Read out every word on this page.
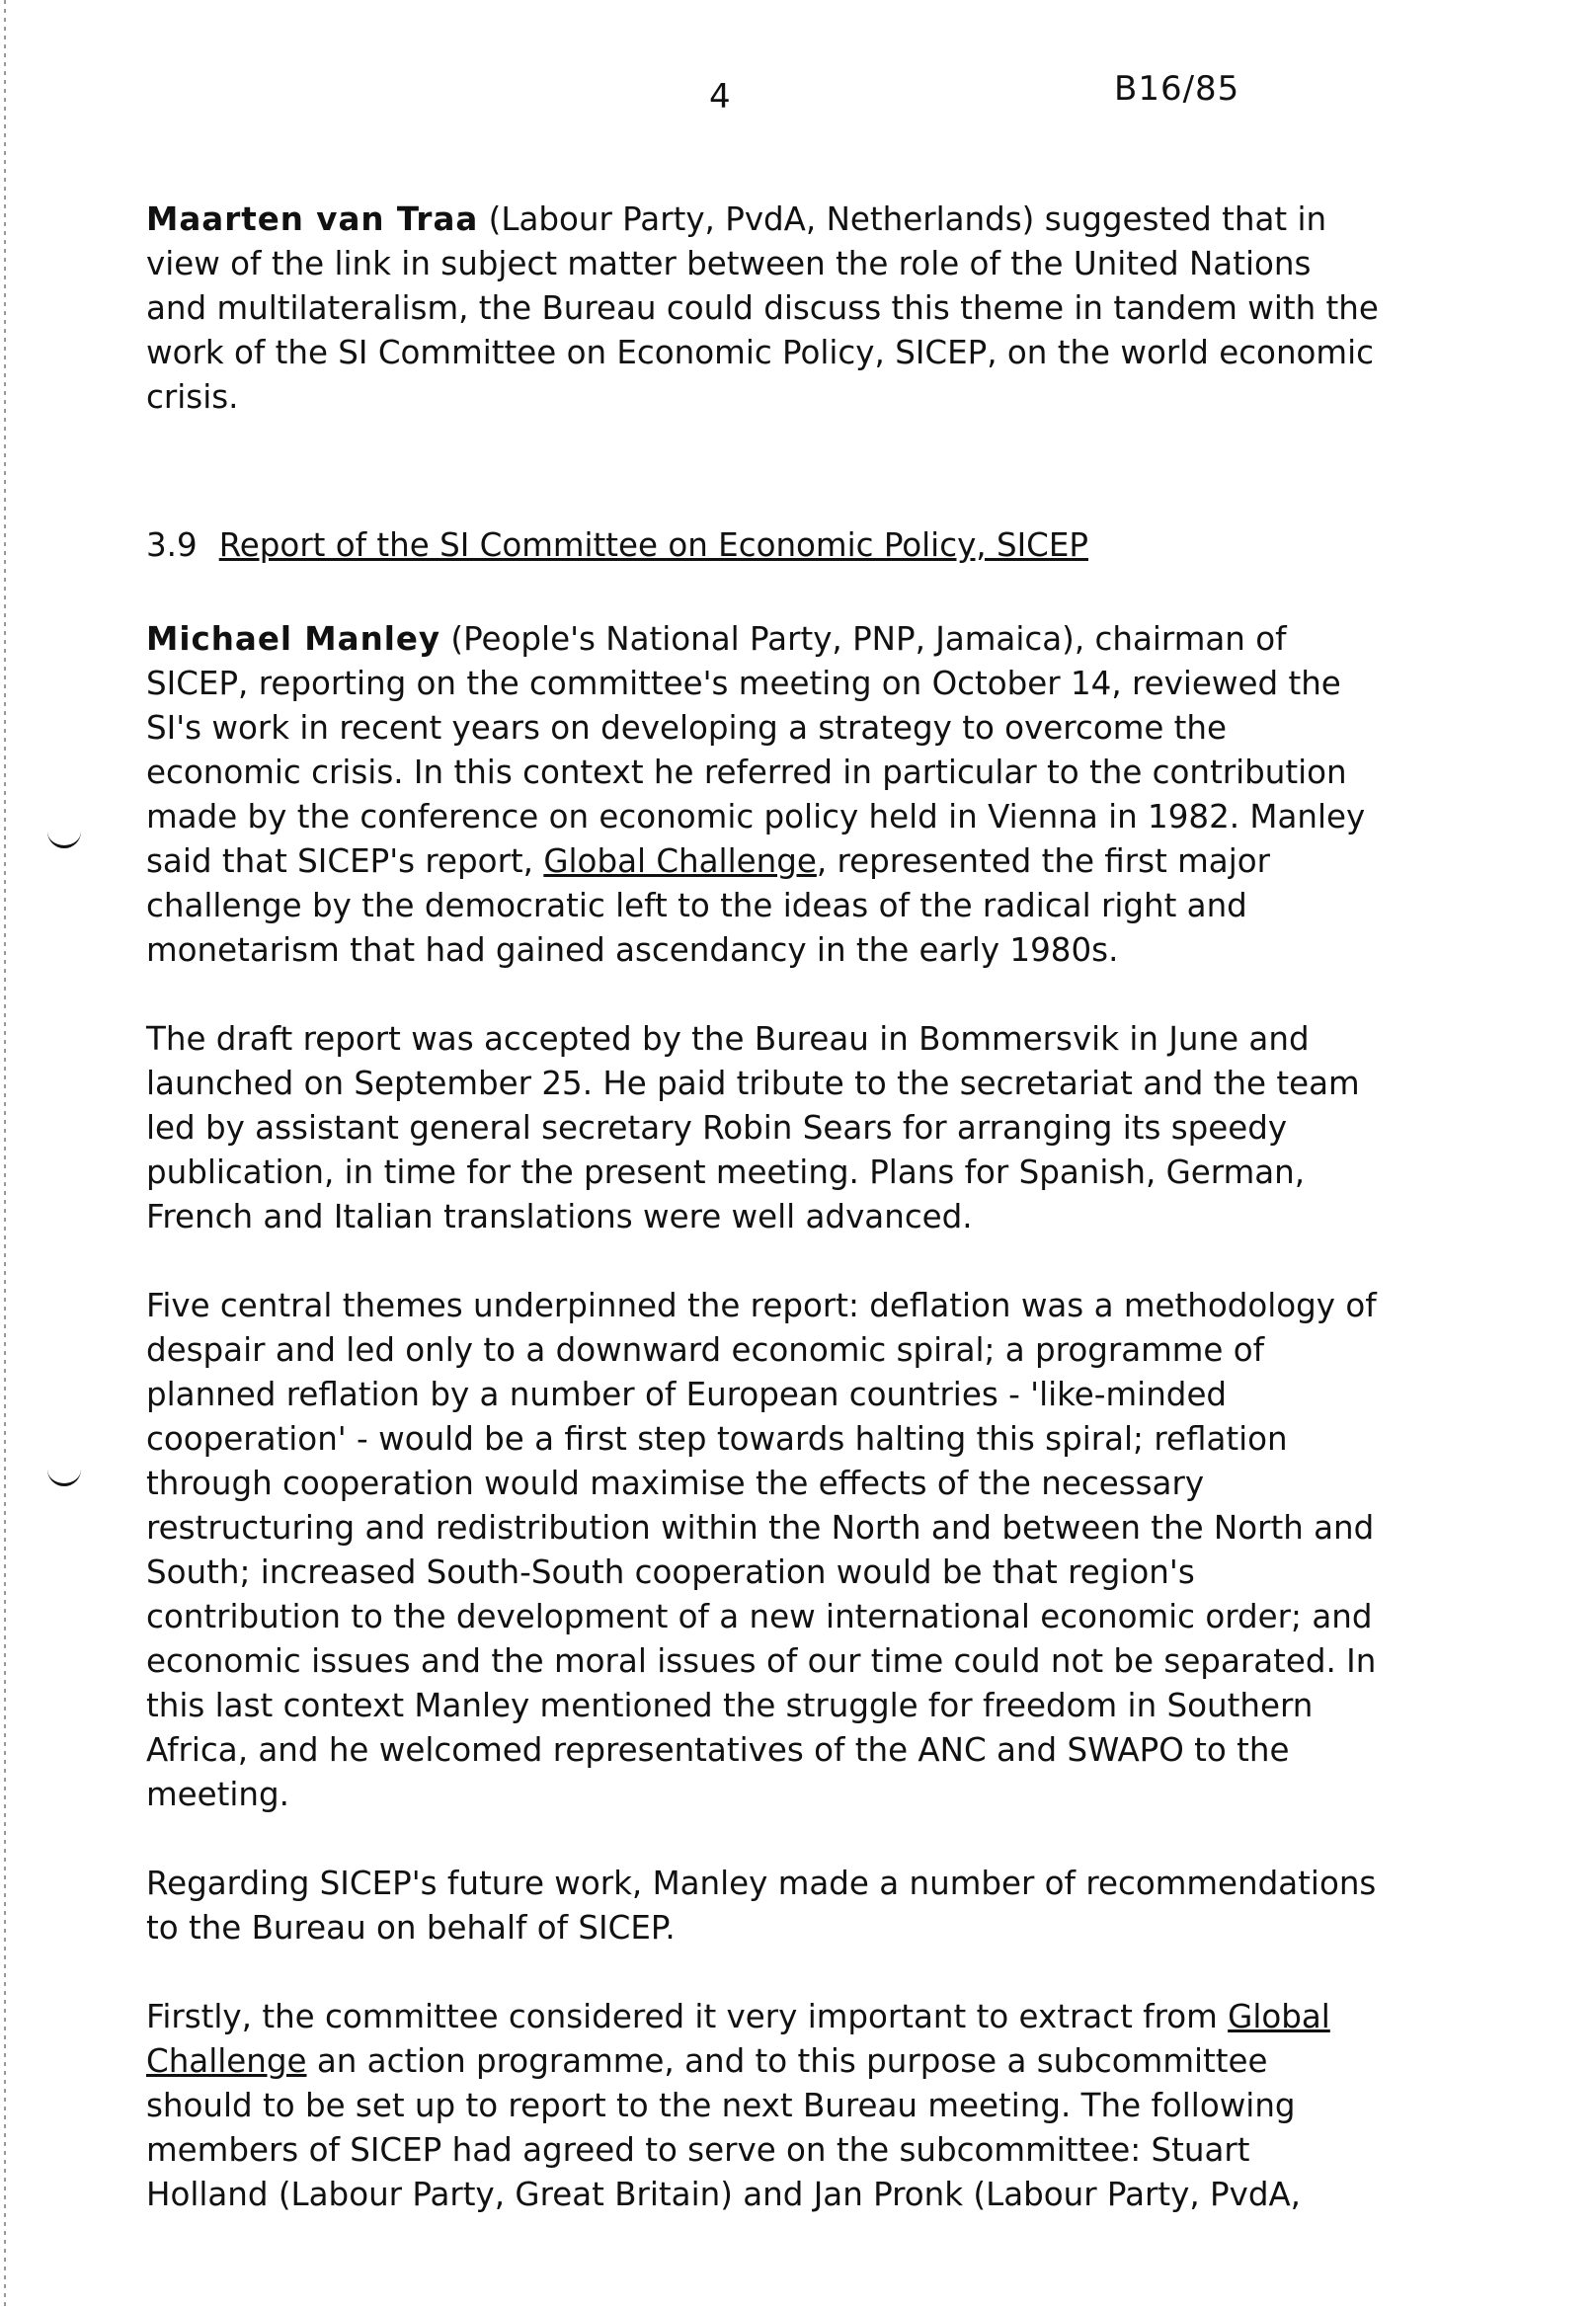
4	B16/85

Maarten van Traa (Labour Party, PvdA, Netherlands) suggested that in view of the link in subject matter between the role of the United Nations and multilateralism, the Bureau could discuss this theme in tandem with the work of the SI Committee on Economic Policy, SICEP, on the world economic crisis.

3.9 Report of the SI Committee on Economic Policy, SICEP

Michael Manley (People's National Party, PNP, Jamaica), chairman of SICEP, reporting on the committee's meeting on October 14, reviewed the SI's work in recent years on developing a strategy to overcome the economic crisis. In this context he referred in particular to the contribution made by the conference on economic policy held in Vienna in 1982. Manley said that SICEP's report, Global Challenge, represented the first major challenge by the democratic left to the ideas of the radical right and monetarism that had gained ascendancy in the early 1980s.

The draft report was accepted by the Bureau in Bommersvik in June and launched on September 25. He paid tribute to the secretariat and the team led by assistant general secretary Robin Sears for arranging its speedy publication, in time for the present meeting. Plans for Spanish, German, French and Italian translations were well advanced.

Five central themes underpinned the report: deflation was a methodology of despair and led only to a downward economic spiral; a programme of planned reflation by a number of European countries - 'like-minded cooperation' - would be a first step towards halting this spiral; reflation through cooperation would maximise the effects of the necessary restructuring and redistribution within the North and between the North and South; increased South-South cooperation would be that region's contribution to the development of a new international economic order; and economic issues and the moral issues of our time could not be separated. In this last context Manley mentioned the struggle for freedom in Southern Africa, and he welcomed representatives of the ANC and SWAPO to the meeting.

Regarding SICEP's future work, Manley made a number of recommendations to the Bureau on behalf of SICEP.

Firstly, the committee considered it very important to extract from Global Challenge an action programme, and to this purpose a subcommittee should to be set up to report to the next Bureau meeting. The following members of SICEP had agreed to serve on the subcommittee: Stuart Holland (Labour Party, Great Britain) and Jan Pronk (Labour Party, PvdA,
